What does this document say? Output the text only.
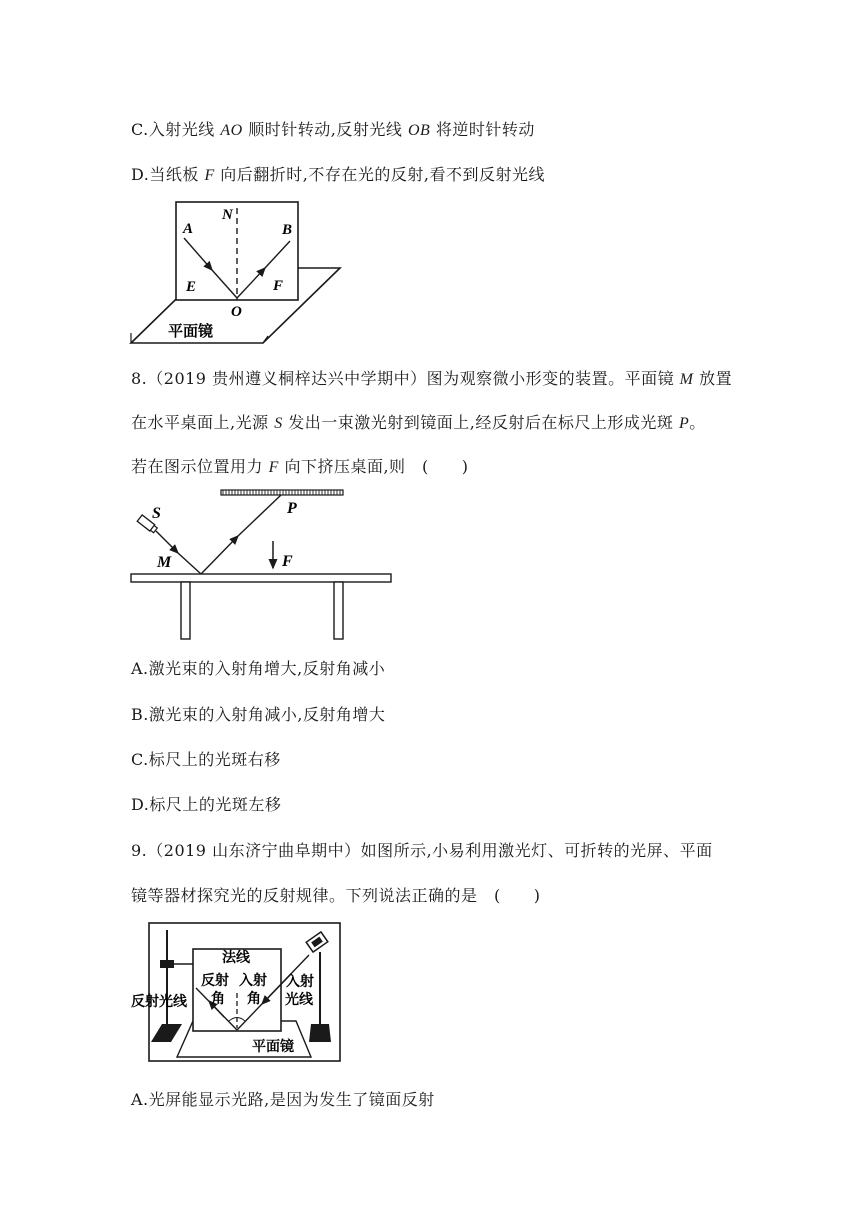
C.入射光线 AO 顺时针转动,反射光线 OB 将逆时针转动
D.当纸板 F 向后翻折时,不存在光的反射,看不到反射光线
N
A	B
E	F
O
平面镜
8.（2019 贵州遵义桐梓达兴中学期中）图为观察微小形变的装置。平面镜 M 放置
在水平桌面上,光源 S 发出一束激光射到镜面上,经反射后在标尺上形成光斑 P。
若在图示位置用力 F 向下挤压桌面,则　(　　)
S
M
P
F
A.激光束的入射角增大,反射角减小
B.激光束的入射角减小,反射角增大
C.标尺上的光斑右移
D.标尺上的光斑左移
9.（2019 山东济宁曲阜期中）如图所示,小易利用激光灯、可折转的光屏、平面
镜等器材探究光的反射规律。下列说法正确的是　(　　)
法线
反射
角
入射
角
入射
光线
反射光线
平面镜
A.光屏能显示光路,是因为发生了镜面反射
